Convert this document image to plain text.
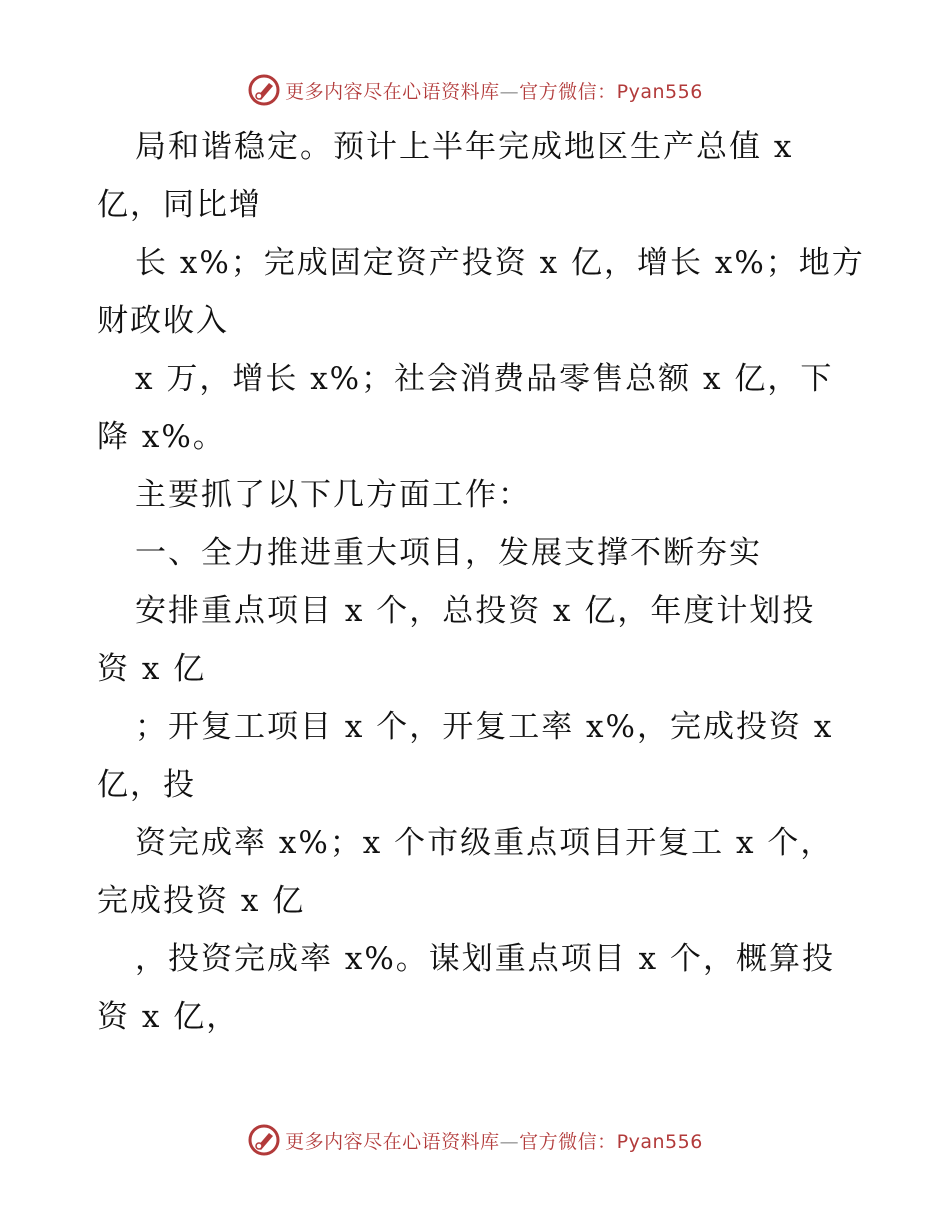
更多内容尽在心语资料库—官方微信：Pyan556
局和谐稳定。预计上半年完成地区生产总值 x
亿，同比增
长 x%；完成固定资产投资 x 亿，增长 x%；地方
财政收入
x 万，增长 x%；社会消费品零售总额 x 亿，下
降 x%。
主要抓了以下几方面工作：
一、全力推进重大项目，发展支撑不断夯实
安排重点项目 x 个，总投资 x 亿，年度计划投
资 x 亿
；开复工项目 x 个，开复工率 x%，完成投资 x
亿，投
资完成率 x%；x 个市级重点项目开复工 x 个，
完成投资 x 亿
，投资完成率 x%。谋划重点项目 x 个，概算投
资 x 亿，
更多内容尽在心语资料库—官方微信：Pyan556
